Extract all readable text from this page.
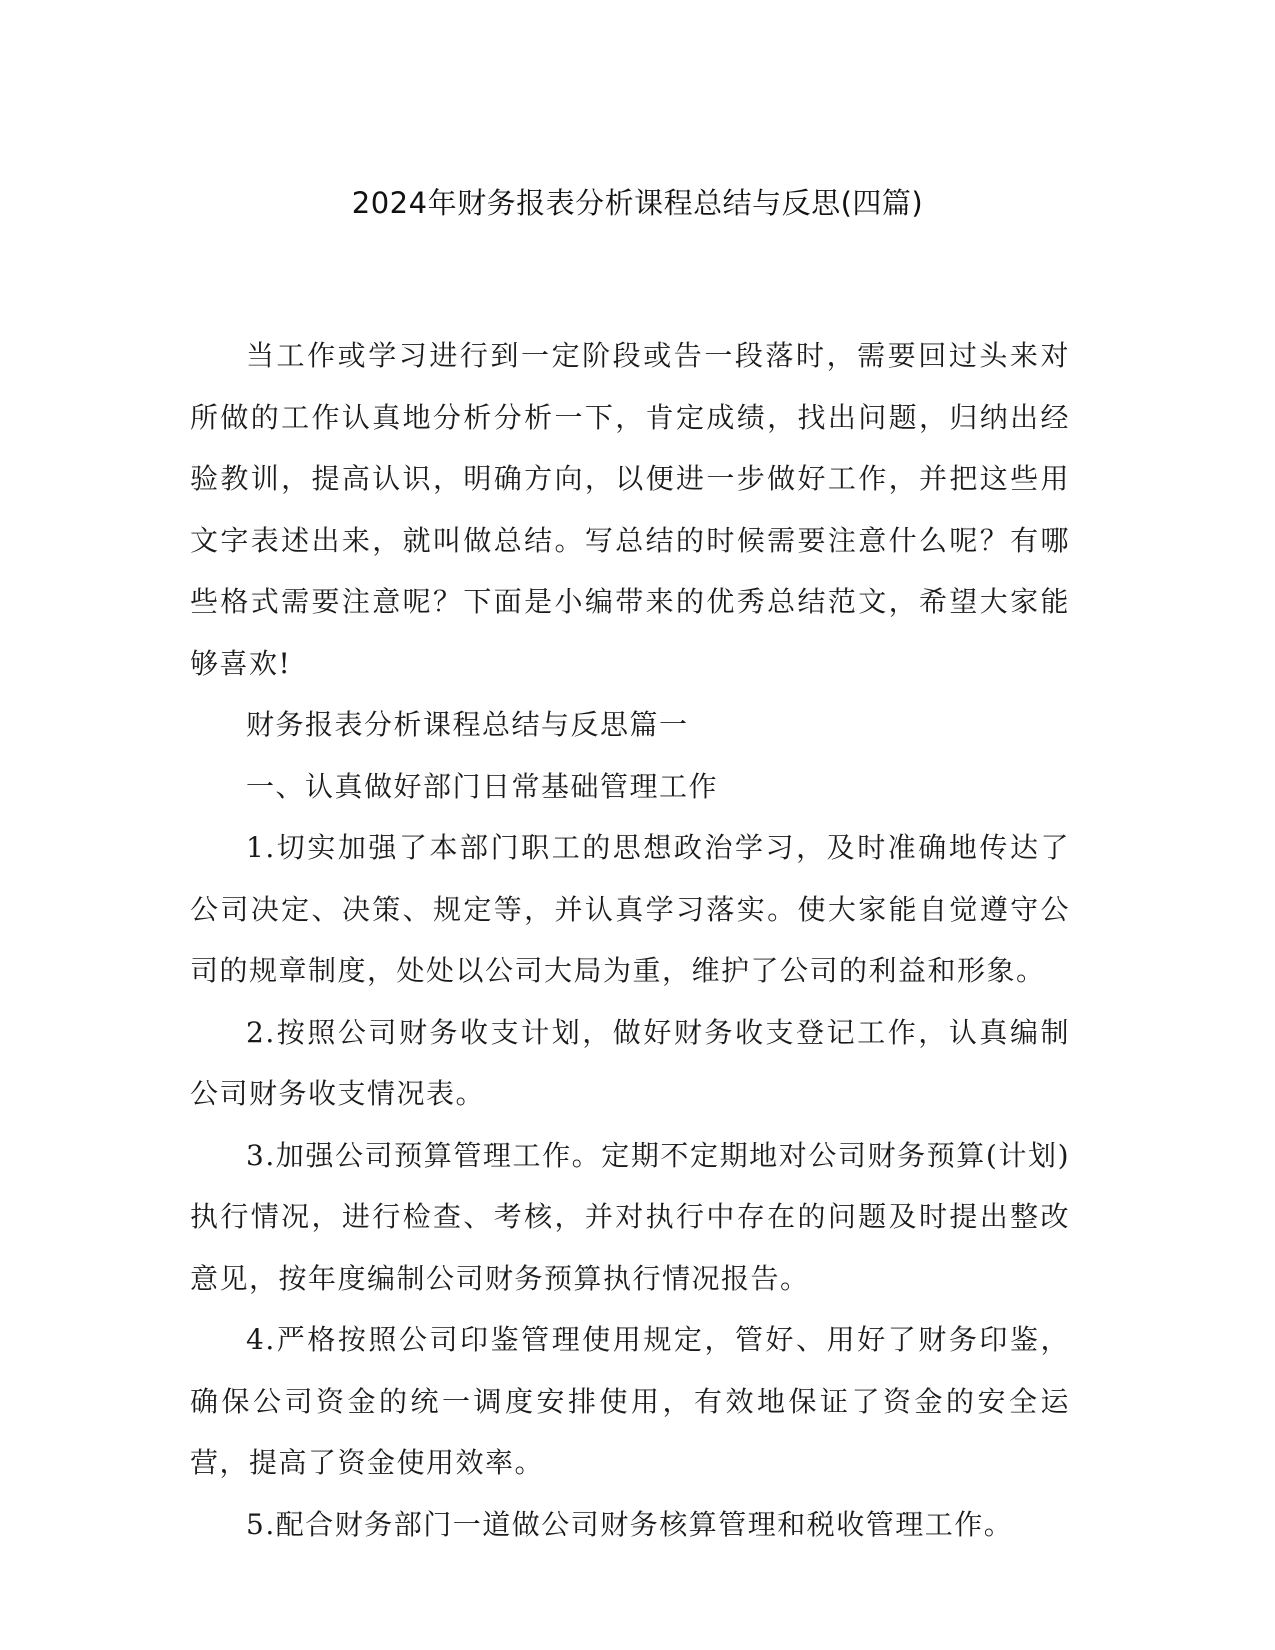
2024年财务报表分析课程总结与反思(四篇)

当工作或学习进行到一定阶段或告一段落时，需要回过头来对所做的工作认真地分析分析一下，肯定成绩，找出问题，归纳出经验教训，提高认识，明确方向，以便进一步做好工作，并把这些用文字表述出来，就叫做总结。写总结的时候需要注意什么呢？有哪些格式需要注意呢？下面是小编带来的优秀总结范文，希望大家能够喜欢!

财务报表分析课程总结与反思篇一

一、认真做好部门日常基础管理工作

1.切实加强了本部门职工的思想政治学习，及时准确地传达了公司决定、决策、规定等，并认真学习落实。使大家能自觉遵守公司的规章制度，处处以公司大局为重，维护了公司的利益和形象。

2.按照公司财务收支计划，做好财务收支登记工作，认真编制公司财务收支情况表。

3.加强公司预算管理工作。定期不定期地对公司财务预算(计划)执行情况，进行检查、考核，并对执行中存在的问题及时提出整改意见，按年度编制公司财务预算执行情况报告。

4.严格按照公司印鉴管理使用规定，管好、用好了财务印鉴，确保公司资金的统一调度安排使用，有效地保证了资金的安全运营，提高了资金使用效率。

5.配合财务部门一道做公司财务核算管理和税收管理工作。
